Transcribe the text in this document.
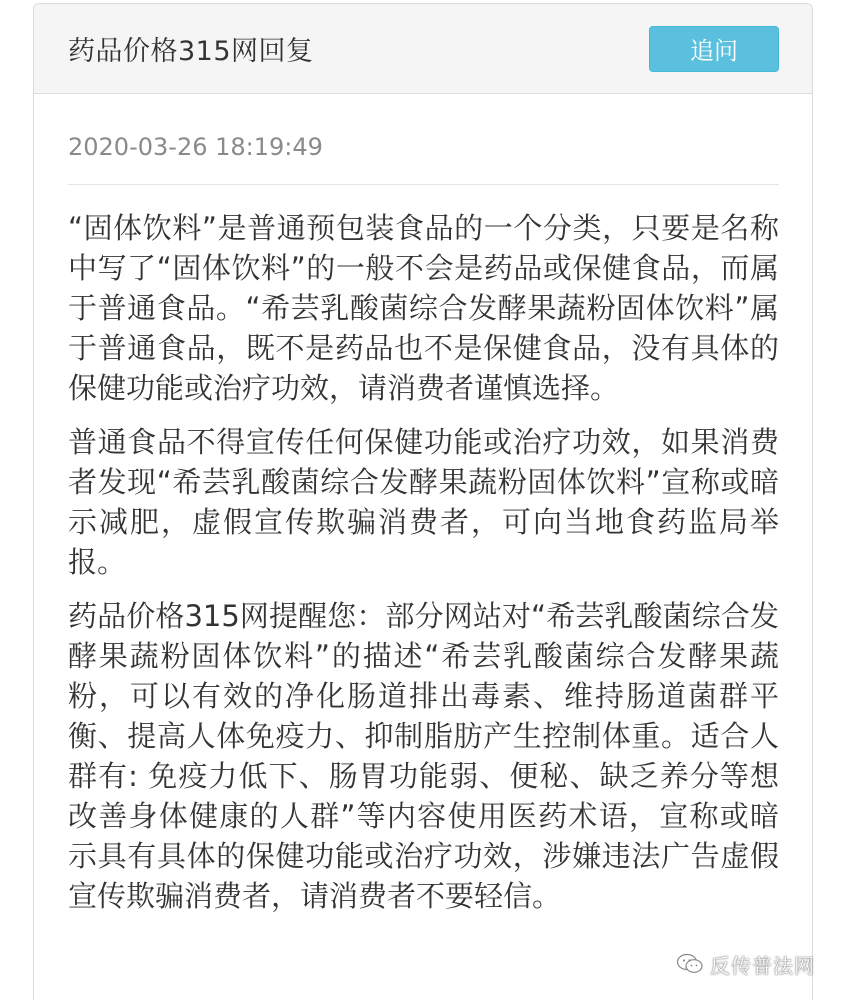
药品价格315网回复	追问
2020-03-26 18:19:49

“固体饮料”是普通预包装食品的一个分类，只要是名称中写了“固体饮料”的一般不会是药品或保健食品，而属于普通食品。“希芸乳酸菌综合发酵果蔬粉固体饮料”属于普通食品，既不是药品也不是保健食品，没有具体的保健功能或治疗功效，请消费者谨慎选择。

普通食品不得宣传任何保健功能或治疗功效，如果消费者发现“希芸乳酸菌综合发酵果蔬粉固体饮料”宣称或暗示减肥，虚假宣传欺骗消费者，可向当地食药监局举报。

药品价格315网提醒您：部分网站对“希芸乳酸菌综合发酵果蔬粉固体饮料”的描述“希芸乳酸菌综合发酵果蔬粉，可以有效的净化肠道排出毒素、维持肠道菌群平衡、提高人体免疫力、抑制脂肪产生控制体重。适合人群有: 免疫力低下、肠胃功能弱、便秘、缺乏养分等想改善身体健康的人群”等内容使用医药术语，宣称或暗示具有具体的保健功能或治疗功效，涉嫌违法广告虚假宣传欺骗消费者，请消费者不要轻信。

反传普法网
